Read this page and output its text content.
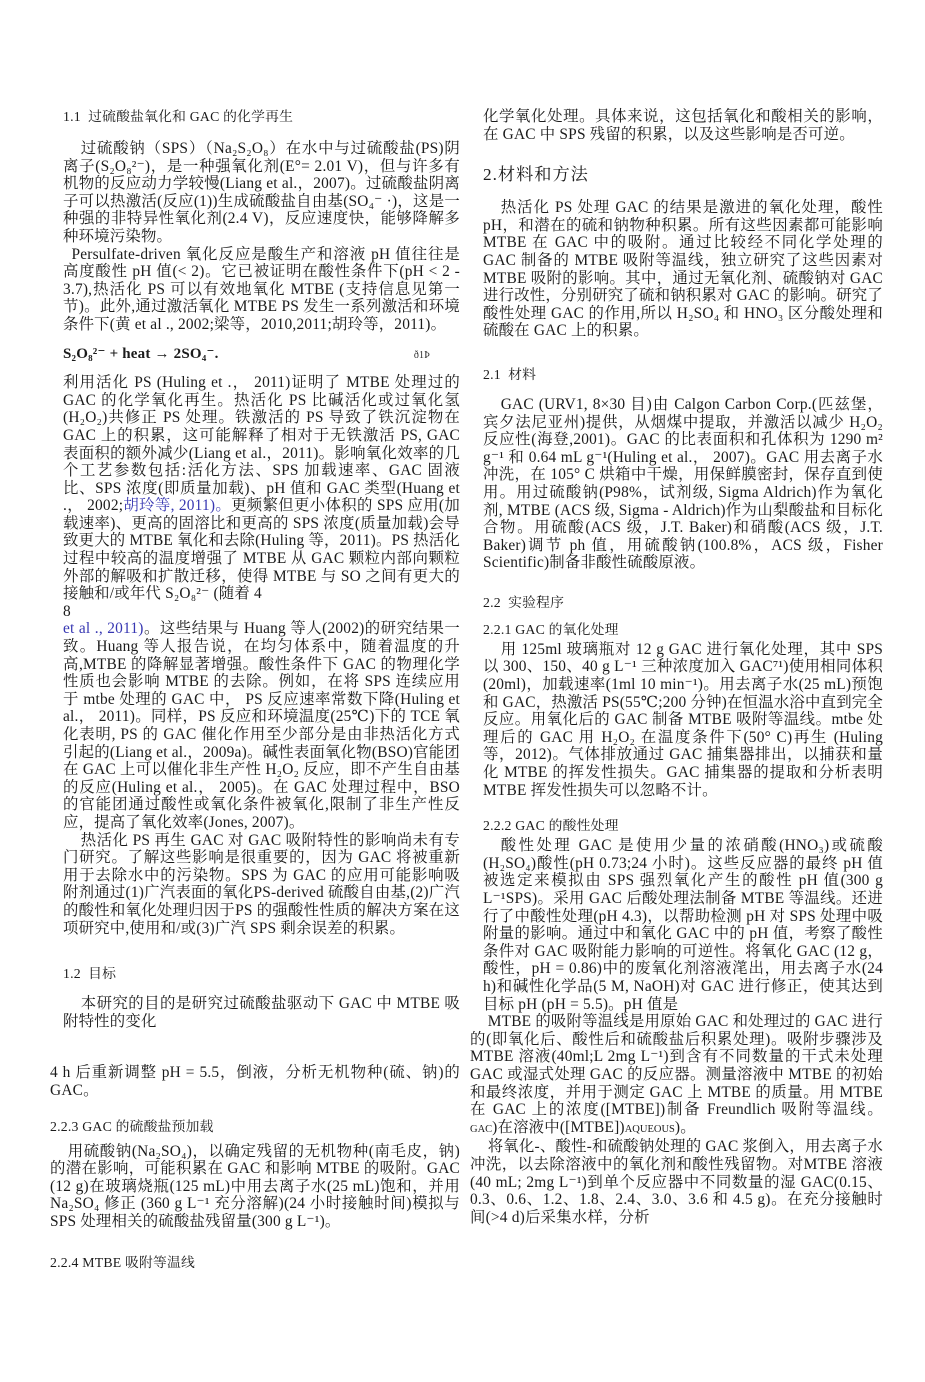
1.1  过硫酸盐氧化和 GAC 的化学再生

过硫酸钠（SPS）（Na₂S₂O₈）在水中与过硫酸盐(PS)阴离子(S₂O₈²⁻)，是一种强氧化剂(E°= 2.01 V)，但与许多有机物的反应动力学较慢(Liang et al.，2007)。过硫酸盐阴离子可以热激活(反应(1))生成硫酸盐自由基(SO₄⁻ ·)，这是一种强的非特异性氧化剂(2.4 V)，反应速度快，能够降解多种环境污染物。

Persulfate-driven 氧化反应是酸生产和溶液 pH 值往往是高度酸性 pH 值(< 2)。它已被证明在酸性条件下(pH < 2 - 3.7),热活化 PS 可以有效地氧化 MTBE (支持信息见第一节)。此外,通过激活氧化 MTBE PS 发生一系列激活和环境条件下(黄 et al ., 2002;梁等，2010,2011;胡玲等，2011)。

S₂O₈²⁻ + heat → 2SO₄⁻.	ð1Þ

利用活化 PS (Huling et .， 2011)证明了 MTBE 处理过的 GAC 的化学氧化再生。热活化 PS 比碱活化或过氧化氢(H₂O₂)共修正 PS 处理。铁激活的 PS 导致了铁沉淀物在 GAC 上的积累，这可能解释了相对于无铁激活 PS, GAC 表面积的额外减少(Liang et al.，2011)。影响氧化效率的几个工艺参数包括:活化方法、SPS 加载速率、GAC 固液比、SPS 浓度(即质量加载)、pH 值和 GAC 类型(Huang et .， 2002;胡玲等, 2011)。更频繁但更小体积的 SPS 应用(加载速率)、更高的固溶比和更高的 SPS 浓度(质量加载)会导致更大的 MTBE 氧化和去除(Huling 等，2011)。PS 热活化过程中较高的温度增强了 MTBE 从 GAC 颗粒内部向颗粒外部的解吸和扩散迁移，使得 MTBE 与 SO 之间有更大的接触和/或年代 S₂O₈²⁻ (随着 4

8

et al ., 2011)。这些结果与 Huang 等人(2002)的研究结果一致。Huang 等人报告说，在均匀体系中，随着温度的升高,MTBE 的降解显著增强。酸性条件下 GAC 的物理化学性质也会影响 MTBE 的去除。例如，在将 SPS 连续应用于 mtbe 处理的 GAC 中， PS 反应速率常数下降(Huling et al.， 2011)。同样，PS 反应和环境温度(25℃)下的 TCE 氧化表明, PS 的 GAC 催化作用至少部分是由非热活化方式引起的(Liang et al.，2009a)。碱性表面氧化物(BSO)官能团在 GAC 上可以催化非生产性 H₂O₂ 反应，即不产生自由基的反应(Huling et al.， 2005)。在 GAC 处理过程中，BSO 的官能团通过酸性或氧化条件被氧化,限制了非生产性反应，提高了氧化效率(Jones, 2007)。

热活化 PS 再生 GAC 对 GAC 吸附特性的影响尚未有专门研究。了解这些影响是很重要的，因为 GAC 将被重新用于去除水中的污染物。SPS 为 GAC 的应用可能影响吸附剂通过(1)广汽表面的氧化PS-derived 硫酸自由基,(2)广汽的酸性和氧化处理归因于PS 的强酸性性质的解决方案在这项研究中,使用和/或(3)广汽 SPS 剩余误差的积累。

1.2  目标

本研究的目的是研究过硫酸盐驱动下 GAC 中 MTBE 吸附特性的变化

4 h 后重新调整 pH = 5.5，倒液，分析无机物种(硫、钠)的 GAC。

2.2.3 GAC 的硫酸盐预加载

用硫酸钠(Na₂SO₄)，以确定残留的无机物种(南毛皮，钠)的潜在影响，可能积累在 GAC 和影响 MTBE 的吸附。GAC (12 g)在玻璃烧瓶(125 mL)中用去离子水(25 mL)饱和，并用 Na₂SO₄ 修正 (360 g L⁻¹ 充分溶解)(24 小时接触时间)模拟与 SPS 处理相关的硫酸盐残留量(300 g L⁻¹)。

2.2.4 MTBE 吸附等温线

化学氧化处理。具体来说，这包括氧化和酸相关的影响，在 GAC 中 SPS 残留的积累，以及这些影响是否可逆。

2.材料和方法

热活化 PS 处理 GAC 的结果是激进的氧化处理，酸性 pH，和潜在的硫和钠物种积累。所有这些因素都可能影响 MTBE 在 GAC 中的吸附。通过比较经不同化学处理的 GAC 制备的 MTBE 吸附等温线，独立研究了这些因素对 MTBE 吸附的影响。其中，通过无氧化剂、硫酸钠对 GAC 进行改性，分别研究了硫和钠积累对 GAC 的影响。研究了酸性处理 GAC 的作用,所以 H₂SO₄ 和 HNO₃ 区分酸处理和硫酸在 GAC 上的积累。

2.1  材料

GAC (URV1, 8×30 目)由 Calgon Carbon Corp.(匹兹堡，宾夕法尼亚州)提供，从烟煤中提取，并激活以减少 H₂O₂ 反应性(海登,2001)。GAC 的比表面积和孔体积为 1290 m² g⁻¹ 和 0.64 mL g⁻¹(Huling et al.， 2007)。GAC 用去离子水冲洗，在 105° C 烘箱中干燥，用保鲜膜密封，保存直到使用。用过硫酸钠(P98%，试剂级, Sigma Aldrich)作为氧化剂, MTBE (ACS 级, Sigma - Aldrich)作为山梨酸盐和目标化合物。用硫酸(ACS 级，J.T. Baker)和硝酸(ACS 级，J.T. Baker)调节 ph 值，用硫酸钠(100.8%，ACS 级，Fisher Scientific)制备非酸性硫酸原液。

2.2  实验程序
2.2.1 GAC 的氧化处理

用 125ml 玻璃瓶对 12 g GAC 进行氧化处理，其中 SPS 以 300、150、40 g L⁻¹ 三种浓度加入 GAC⁷¹)使用相同体积(20ml)，加载速率(1ml 10 min⁻¹)。用去离子水(25 mL)预饱和 GAC，热激活 PS(55℃;200 分钟)在恒温水浴中直到完全反应。用氧化后的 GAC 制备 MTBE 吸附等温线。mtbe 处理后的 GAC 用 H₂O₂ 在温度条件下(50° C)再生 (Huling 等，2012)。气体排放通过 GAC 捕集器排出，以捕获和量化 MTBE 的挥发性损失。GAC 捕集器的提取和分析表明 MTBE 挥发性损失可以忽略不计。

2.2.2 GAC 的酸性处理

酸性处理 GAC 是使用少量的浓硝酸(HNO₃)或硫酸(H₂SO₄)酸性(pH 0.73;24 小时)。这些反应器的最终 pH 值被选定来模拟由 SPS 强烈氧化产生的酸性 pH 值(300 g L⁻¹SPS)。采用 GAC 后酸处理法制备 MTBE 等温线。还进行了中酸性处理(pH 4.3)，以帮助检测 pH 对 SPS 处理中吸附量的影响。通过中和氧化 GAC 中的 pH 值，考察了酸性条件对 GAC 吸附能力影响的可逆性。将氧化 GAC (12 g，酸性，pH = 0.86)中的废氧化剂溶液滗出，用去离子水(24 h)和碱性化学品(5 M, NaOH)对 GAC 进行修正，使其达到目标 pH (pH = 5.5)。pH 值是

MTBE 的吸附等温线是用原始 GAC 和处理过的 GAC 进行的(即氧化后、酸性后和硫酸盐后积累处理)。吸附步骤涉及 MTBE 溶液(40ml;L 2mg L⁻¹)到含有不同数量的干式未处理 GAC 或湿式处理 GAC 的反应器。测量溶液中 MTBE 的初始和最终浓度，并用于测定 GAC 上 MTBE 的质量。用 MTBE 在 GAC 上的浓度([MTBE])制备 Freundlich 吸附等温线。 GAC)在溶液中([MTBE])AQUEOUS)。

将氧化-、酸性-和硫酸钠处理的 GAC 浆倒入，用去离子水冲洗，以去除溶液中的氧化剂和酸性残留物。对MTBE 溶液(40 mL; 2mg L⁻¹)到单个反应器中不同数量的湿 GAC(0.15、0.3、0.6、1.2、1.8、2.4、3.0、3.6 和 4.5 g)。在充分接触时间(>4 d)后采集水样，分析
